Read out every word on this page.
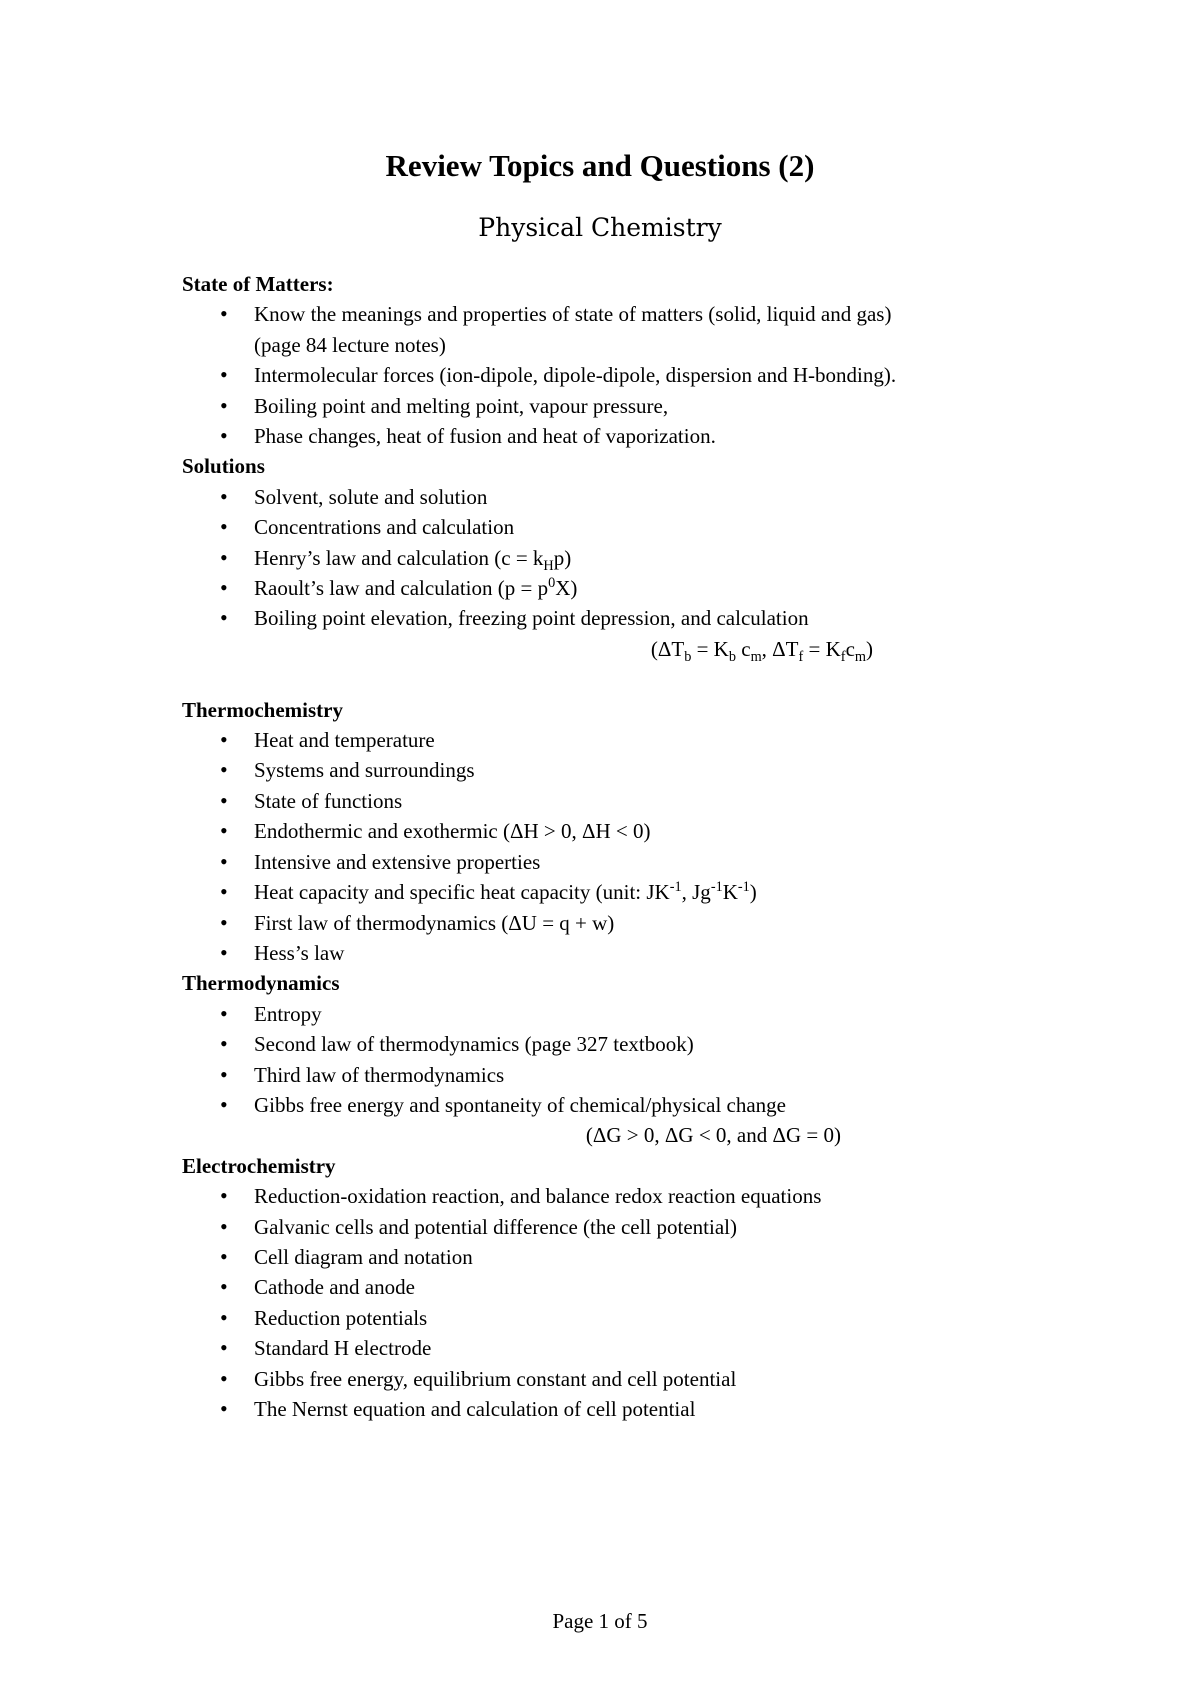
Review Topics and Questions (2)
Physical Chemistry
State of Matters:
• Know the meanings and properties of state of matters (solid, liquid and gas)
(page 84 lecture notes)
• Intermolecular forces (ion-dipole, dipole-dipole, dispersion and H-bonding).
• Boiling point and melting point, vapour pressure,
• Phase changes, heat of fusion and heat of vaporization.
Solutions
• Solvent, solute and solution
• Concentrations and calculation
• Henry’s law and calculation $(c = k_Hp)$
• Raoult’s law and calculation $(p = p^0X)$
• Boiling point elevation, freezing point depression, and calculation
($\Delta T_b = K_b$ $c_m$, $\Delta T_f = K_fc_m$)
Thermochemistry
• Heat and temperature
• Systems and surroundings
• State of functions
• Endothermic and exothermic (ΔH > 0, ΔH < 0)
• Intensive and extensive properties
• Heat capacity and specific heat capacity (unit: $JK^{-1}$, $Jg^{-1}K^{-1}$)
• First law of thermodynamics (ΔU = q + w)
• Hess’s law
Thermodynamics
• Entropy
• Second law of thermodynamics (page 327 textbook)
• Third law of thermodynamics
• Gibbs free energy and spontaneity of chemical/physical change
(ΔG > 0, ΔG < 0, and ΔG = 0)
Electrochemistry
• Reduction-oxidation reaction, and balance redox reaction equations
• Galvanic cells and potential difference (the cell potential)
• Cell diagram and notation
• Cathode and anode
• Reduction potentials
• Standard H electrode
• Gibbs free energy, equilibrium constant and cell potential
• The Nernst equation and calculation of cell potential
Page 1 of 5
